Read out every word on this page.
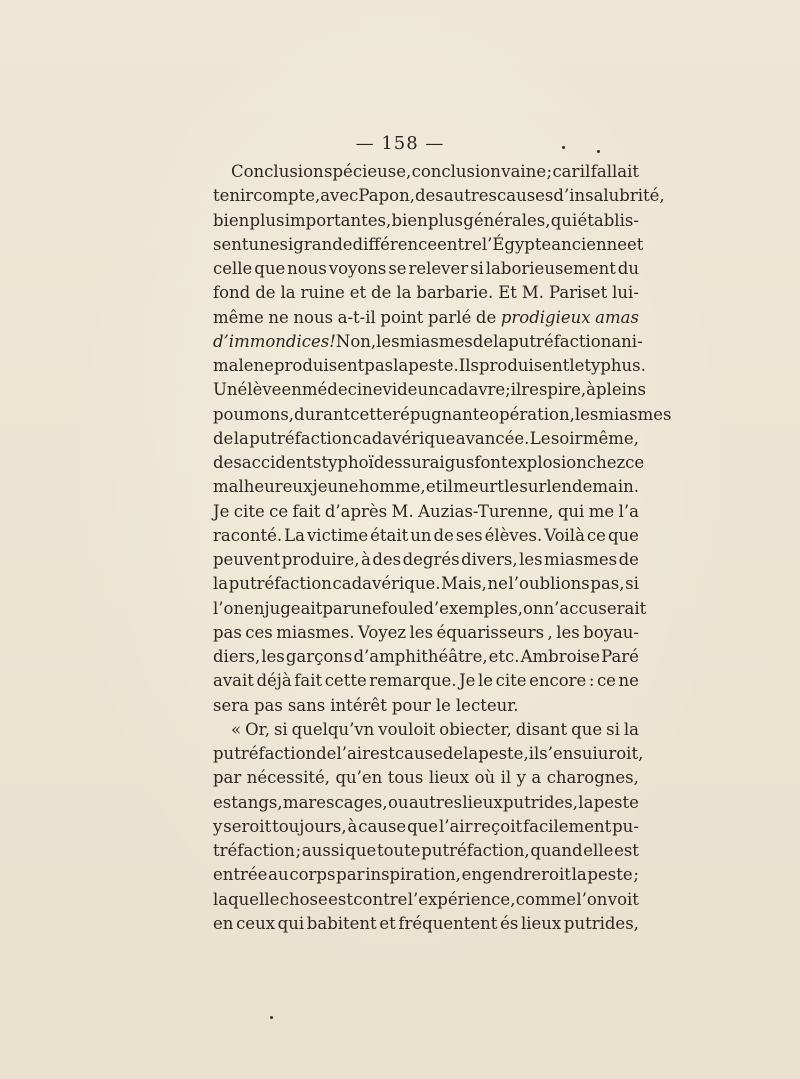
— 158 —
Conclusion spécieuse, conclusion vaine ; car il fallait
tenir compte, avec Papon, des autres causes d’insalubrité,
bien plus importantes, bien plus générales, qui établis-
sent une si grande différence entre l’Égypte ancienne et
celle que nous voyons se relever si laborieusement du
fond de la ruine et de la barbarie. Et M. Pariset lui-
même ne nous a-t-il point parlé de prodigieux amas
d’immondices ! Non, les miasmes de la putréfaction ani-
male ne produisent pas la peste. Ils produisent le typhus.
Un élève en médecine vide un cadavre ; il respire, à pleins
poumons, durant cette répugnante opération, les miasmes
de la putréfaction cadavérique avancée. Le soir même,
des accidents typhoïdes suraigus font explosion chez ce
malheureux jeune homme, et il meurt le surlendemain.
Je cite ce fait d’après M. Auzias-Turenne, qui me l’a
raconté. La victime était un de ses élèves. Voilà ce que
peuvent produire, à des degrés divers, les miasmes de
la putréfaction cadavérique. Mais, ne l’oublions pas, si
l’on en jugeait par une foule d’exemples, on n’accuserait
pas ces miasmes. Voyez les équarisseurs , les boyau-
diers, les garçons d’amphithéâtre, etc. Ambroise Paré
avait déjà fait cette remarque. Je le cite encore : ce ne
sera pas sans intérêt pour le lecteur.
« Or, si quelqu’vn vouloit obiecter, disant que si la
putréfaction de l’air est cause de la peste, il s’ensuiuroit,
par nécessité, qu’en tous lieux où il y a charognes,
estangs, marescages, ou autres lieux putrides, la peste
y seroit toujours, à cause que l’air reçoit facilement pu-
tréfaction ; aussi que toute putréfaction, quand elle est
entrée au corps par inspiration, engendreroit la peste ;
laquelle chose est contre l’expérience, comme l’on voit
en ceux qui babitent et fréquentent és lieux putrides,
